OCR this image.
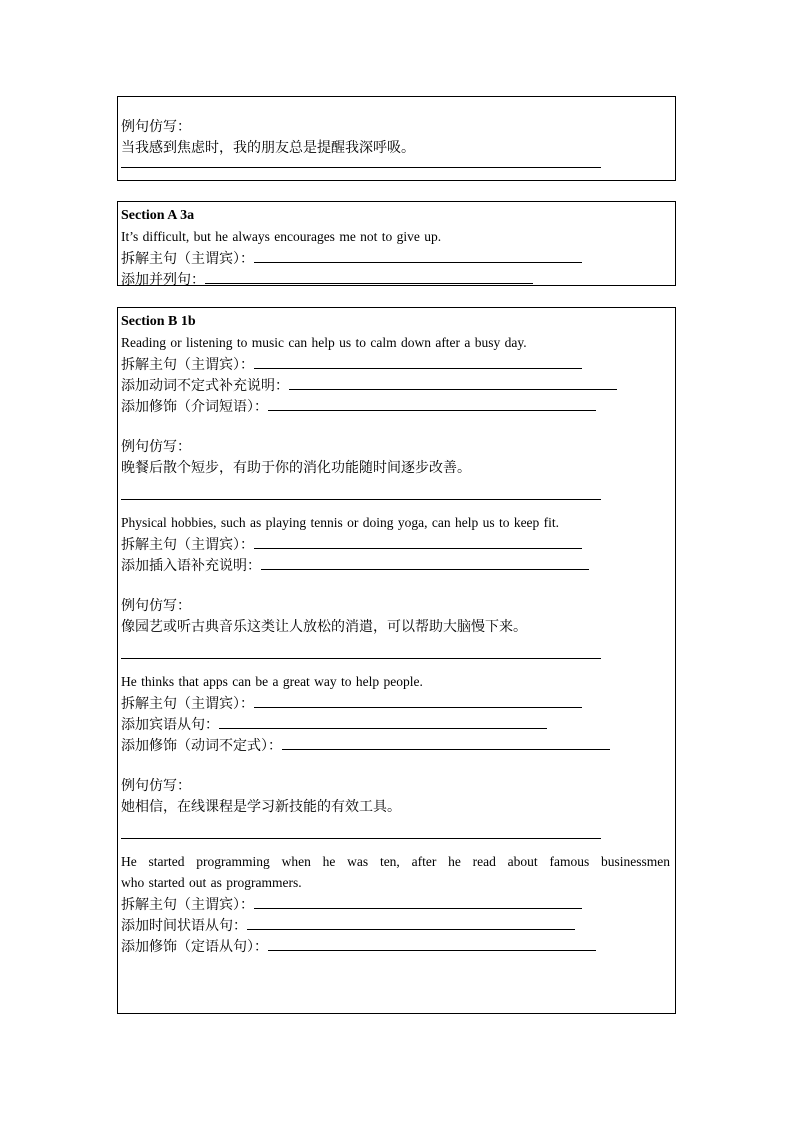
例句仿写：
当我感到焦虑时，我的朋友总是提醒我深呼吸。
Section A 3a
It’s difficult, but he always encourages me not to give up.
拆解主句（主谓宾）：
添加并列句：
Section B 1b
Reading or listening to music can help us to calm down after a busy day.
拆解主句（主谓宾）：
添加动词不定式补充说明：
添加修饰（介词短语）：
例句仿写：
晚餐后散个短步，有助于你的消化功能随时间逐步改善。
Physical hobbies, such as playing tennis or doing yoga, can help us to keep fit.
拆解主句（主谓宾）：
添加插入语补充说明：
例句仿写：
像园艺或听古典音乐这类让人放松的消遣，可以帮助大脑慢下来。
He thinks that apps can be a great way to help people.
拆解主句（主谓宾）：
添加宾语从句：
添加修饰（动词不定式）：
例句仿写：
她相信，在线课程是学习新技能的有效工具。
He started programming when he was ten, after he read about famous businessmen
who started out as programmers.
拆解主句（主谓宾）：
添加时间状语从句：
添加修饰（定语从句）：
